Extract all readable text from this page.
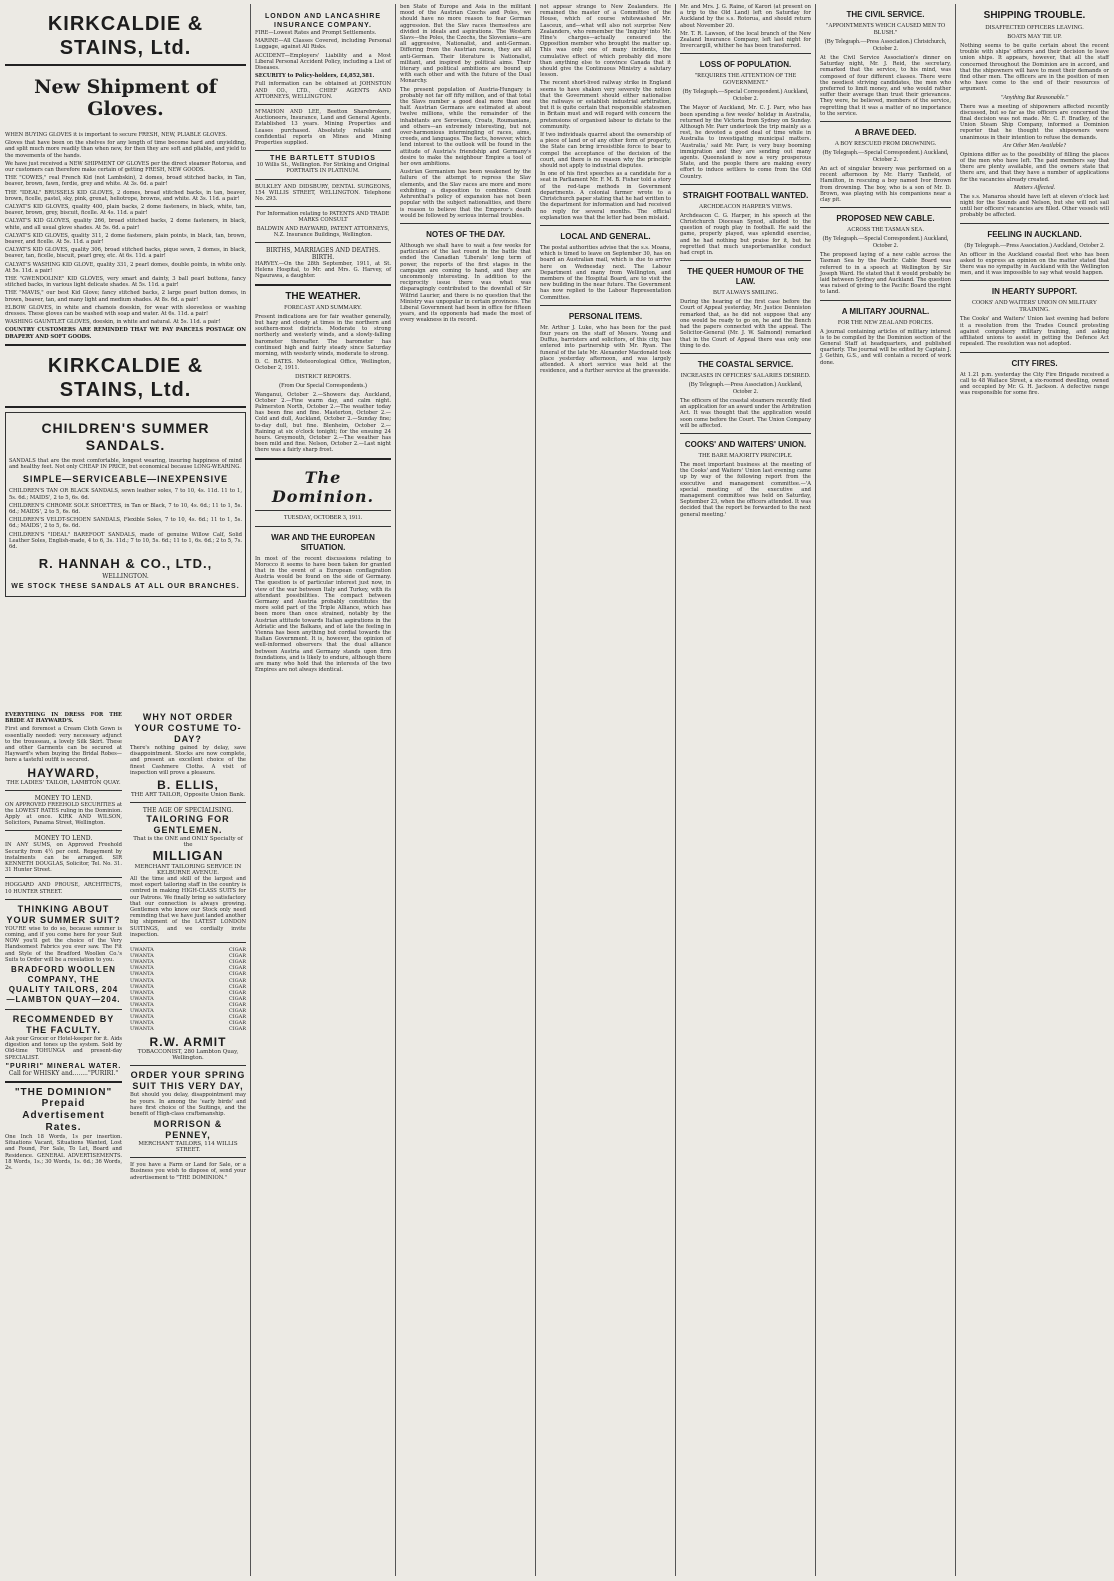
KIRKCALDIE & STAINS, Ltd.
New Shipment of Gloves.

WHEN BUYING GLOVES it is important to secure FRESH, NEW, PLIABLE GLOVES.

Gloves that have been on the shelves for any length of time become hard and unyielding, and split much more readily than when new, for then they are soft and pliable, and yield to the movements of the hands.

We have just received a NEW SHIPMENT OF GLOVES per the direct steamer Rotorua, and our customers can therefore make certain of getting FRESH, NEW GOODS.

THE "COWES," real French Kid (not Lambskin), 2 domes, broad stitched backs, in Tan, beaver, brown, fawn, ferdie, grey and white. At 3s. 6d. a pair!

THE "IDEAL" BRUSSELS KID GLOVES, 2 domes, broad stitched backs, in tan, beaver, brown, ficelle, pastel, sky, pink, grenat, heliotrope, browns, and white. At 3s. 11d. a pair!

CALYAT'S KID GLOVES, quality 400, plain backs, 2 dome fasteners, in black, white, tan, beaver, brown, grey, biscuit, ficelle. At 4s. 11d. a pair!

CALYAT'S KID GLOVES, quality 266, broad stitched backs, 2 dome fasteners, in black, white, and all usual glove shades. At 5s. 6d. a pair!

CALYAT'S KID GLOVES, quality 311, 2 dome fasteners, plain points, in black, tan, brown, beaver, and ficelle. At 5s. 11d. a pair!

CALYAT'S KID GLOVES, quality 306, broad stitched backs, pique sewn, 2 domes, in black, beaver, tan, ficelle, biscuit, pearl grey, etc. At 6s. 11d. a pair!

CALYAT'S WASHING KID GLOVE, quality 331, 2 pearl domes, double points, in white only. At 5s. 11d. a pair!

THE "GWENDOLINE" KID GLOVES, very smart and dainty, 3 ball pearl buttons, fancy stitched backs, in various light delicate shades. At 5s. 11d. a pair!

THE "MAVIS," our best Kid Glove; fancy stitched backs, 2 large pearl button domes, in brown, beaver, tan, and many light and medium shades. At 8s. 6d. a pair!

ELBOW GLOVES, in white and chamois doeskin, for wear with sleeveless or washing dresses. These gloves can be washed with soap and water. At 6s. 11d. a pair!

WASHING GAUNTLET GLOVES, doeskin, in white and natural. At 5s. 11d. a pair!

COUNTRY CUSTOMERS ARE REMINDED THAT WE PAY PARCELS POSTAGE ON DRAPERY AND SOFT GOODS.

KIRKCALDIE & STAINS, Ltd.
CHILDREN'S SUMMER
SANDALS.

SANDALS that are the most comfortable, longest wearing, insuring happiness of mind and healthy feet. Not only CHEAP IN PRICE, but economical because LONG-WEARING.

SIMPLE—SERVICEABLE—INEXPENSIVE

CHILDREN'S TAN OR BLACK SANDALS, sewn leather soles, 7 to 10, 4s. 11d. 11 to 1, 5s. 6d.; MAIDS', 2 to 5, 6s. 6d.

CHILDREN'S CHROME SOLE SHOETTES, in Tan or Black, 7 to 10, 4s. 6d.; 11 to 1, 5s. 6d.; MAIDS', 2 to 5, 6s. 6d.

CHILDREN'S VELDT-SCHOEN SANDALS, Flexible Soles, 7 to 10, 4s. 6d.; 11 to 1, 5s. 6d.; MAIDS', 2 to 5, 6s. 6d.

CHILDREN'S "IDEAL" BAREFOOT SANDALS, made of genuine Willow Calf, Solid Leather Soles, English-made, 4 to 6, 3s. 11d.; 7 to 10, 5s. 6d.; 11 to 1, 6s. 6d.; 2 to 5, 7s. 6d.

R. HANNAH & CO., LTD.,
WELLINGTON.
WE STOCK THESE SANDALS AT ALL OUR BRANCHES.

EVERYTHING IN DRESS FOR THE BRIDE AT HAYWARD'S.

First and foremost a Cream Cloth Gown is essentially needed: very necessary adjunct to the trousseau, a lovely Silk Skirt. These and other Garments can be secured at Hayward's when buying the Bridal Robes—here a tasteful outfit is secured.

HAYWARD,
THE LADIES' TAILOR, LAMBTON QUAY.
MONEY TO LEND.

ON APPROVED FREEHOLD SECURITIES at the LOWEST RATES ruling in the Dominion. Apply at once. KIRK AND WILSON, Solicitors, Panama Street, Wellington.

MONEY TO LEND.

IN ANY SUMS, on Approved Freehold Security from 4½ per cent. Repayment by instalments can be arranged. SIR KENNETH DOUGLAS, Solicitor, Tel. No. 31. 31 Hunter Street.

HOGGARD AND PROUSE, ARCHITECTS, 10 HUNTER STREET.

THINKING ABOUT YOUR SUMMER SUIT?

YOU'RE wise to do so, because summer is coming, and if you come here for your Suit NOW you'll get the choice of the Very Handsomest Fabrics you ever saw. The Fit and Style of the Bradford Woollen Co.'s Suits to Order will be a revelation to you.

BRADFORD WOOLLEN COMPANY, THE QUALITY TAILORS, 204—LAMBTON QUAY—204.
RECOMMENDED BY THE FACULTY.

Ask your Grocer or Hotel-keeper for it. Aids digestion and tones up the system. Sold by Old-time TOHUNGA and present-day SPECIALIST.

"PURIRI" MINERAL WATER.
Call for WHISKY and........"PURIRI."
"THE DOMINION"
Prepaid Advertisement Rates.

One Inch 18 Words, 1s per insertion. Situations Vacant, Situations Wanted, Lost and Found, For Sale, To Let, Board and Residence. GENERAL ADVERTISEMENTS. 18 Words, 1s.; 30 Words, 1s. 6d.; 36 Words, 2s.

WHY NOT ORDER YOUR COSTUME TO-DAY?

There's nothing gained by delay, save disappointment. Stocks are now complete, and present an excellent choice of the finest Cashmere Cloths. A visit of inspection will prove a pleasure.

B. ELLIS,
THE ART TAILOR, Opposite Union Bank.
THE AGE OF SPECIALISING.
TAILORING FOR GENTLEMEN.
That is the ONE and ONLY Specialty of the
MILLIGAN
MERCHANT TAILORING SERVICE IN KELBURNE AVENUE.

All the time and skill of the largest and most expert tailoring staff in the country is centred in making HIGH-CLASS SUITS for our Patrons. We finally bring so satisfactory that our connection is always growing. Gentlemen who know our Stock only need reminding that we have just landed another big shipment of the LATEST LONDON SUITINGS, and we cordially invite inspection.

UWANTA	CIGAR
UWANTA	CIGAR
UWANTA	CIGAR
UWANTA	CIGAR
UWANTA	CIGAR
UWANTA	CIGAR
UWANTA	CIGAR
UWANTA	CIGAR
UWANTA	CIGAR
UWANTA	CIGAR
UWANTA	CIGAR
UWANTA	CIGAR
UWANTA	CIGAR
UWANTA	CIGAR
R.W. ARMIT
TOBACCONIST, 280 Lambton Quay, Wellington.
ORDER YOUR SPRING SUIT THIS VERY DAY,

But should you delay, disappointment may be yours. In among the 'early birds' and have first choice of the Suitings, and the benefit of High-class craftsmanship.

MORRISON & PENNEY,
MERCHANT TAILORS, 114 WILLIS STREET.

If you have a Farm or Land for Sale, or a Business you wish to dispose of, send your advertisement to "THE DOMINION."

LONDON AND LANCASHIRE INSURANCE COMPANY.

FIRE—Lowest Rates and Prompt Settlements.

MARINE—All Classes Covered, including Personal Luggage, against All Risks.

ACCIDENT—Employers' Liability and a Most Liberal Personal Accident Policy, including a List of Diseases.

SECURITY to Policy-holders, £4,852,381.

Full information can be obtained at JOHNSTON AND CO., LTD., CHIEF AGENTS AND ATTORNEYS, WELLINGTON.

M'MAHON AND LEE, Beetton Sharebrokers, Auctioneers, Insurance, Land and General Agents. Established 13 years. Mining Properties and Leases purchased. Absolutely reliable and confidential reports on Mines and Mining Properties supplied.

THE BARTLETT STUDIOS

10 Willis St., Wellington. For Striking and Original PORTRAITS IN PLATINUM.

BULKLEY AND DIDSBURY, DENTAL SURGEONS, 154 WILLIS STREET, WELLINGTON. Telephone No. 293.

For Information relating to PATENTS AND TRADE MARKS CONSULT

BALDWIN AND RAYWARD, PATENT ATTORNEYS, N.Z. Insurance Buildings, Wellington.

BIRTHS, MARRIAGES AND DEATHS.
BIRTH.

HARVEY.—On the 28th September, 1911, at St. Helens Hospital, to Mr. and Mrs. G. Harvey, of Ngaurawa, a daughter.

THE WEATHER.
FORECAST AND SUMMARY.

Present indications are for fair weather generally, but hazy and cloudy at times in the northern and southern-most districts. Moderate to strong northerly and westerly winds, and a slowly-falling barometer thereafter. The barometer has continued high and fairly steady since Saturday morning, with westerly winds, moderate to strong.

D. C. BATES. Meteorological Office, Wellington, October 2, 1911.

DISTRICT REPORTS.
(From Our Special Correspondents.)

Wanganui, October 2.—Showers day. Auckland, October 2.—Fine warm day, and calm night. Palmerston North, October 2.—The weather today has been fine and fine. Masterton, October 2.—Cold and dull, Auckland, October 2.—Sunday fine; to-day dull, but fine. Blenheim, October 2.—Raining at six o'clock tonight; for the ensuing 24 hours. Greymouth, October 2.—The weather has been mild and fine. Nelson, October 2.—Last night there was a fairly sharp frost.

The Dominion.
TUESDAY, OCTOBER 3, 1911.
WAR AND THE EUROPEAN SITUATION.

In most of the recent discussions relating to Morocco it seems to have been taken for granted that in the event of a European conflagration Austria would be found on the side of Germany. The question is of particular interest just now, in view of the war between Italy and Turkey, with its attendant possibilities. The compact between Germany and Austria probably constitutes the more solid part of the Triple Alliance, which has been more than once strained, notably by the Austrian attitude towards Italian aspirations in the Adriatic and the Balkans, and of late the feeling in Vienna has been anything but cordial towards the Italian Government. It is, however, the opinion of well-informed observers that the dual alliance between Austria and Germany stands upon firm foundations, and is likely to endure, although there are many who hold that the interests of the two Empires are not always identical.

ben State of Europe and Asia in the militant mood of the Austrian Czechs and Poles, we should have no more reason to fear German aggression. But the Slav races themselves are divided in ideals and aspirations. The Western Slavs—the Poles, the Czechs, the Slovenians—are all aggressive, Nationalist, and anti-German. Differing from the Austrian races, they are all anti-German. Their literature is Nationalist, militant, and inspired by political aims. Their literary and political ambitions are bound up with each other and with the future of the Dual Monarchy.

The present population of Austria-Hungary is probably not far off fifty million, and of that total the Slavs number a good deal more than one half. Austrian Germans are estimated at about twelve millions, while the remainder of the inhabitants are Serovians, Croats, Roumanians, and others—an extremely interesting, but not over-harmonious intermingling of races, aims, creeds, and languages. The facts, however, which lend interest to the outlook will be found in the attitude of Austria's friendship and Germany's desire to make the neighbour Empire a tool of her own ambitions.

Austrian Germanism has been weakened by the failure of the attempt to repress the Slav elements, and the Slav races are more and more exhibiting a disposition to combine. Count Aehrenthal's policy of expansion has not been popular with the subject nationalities, and there is reason to believe that the Emperor's death would be followed by serious internal troubles.

NOTES OF THE DAY.

Although we shall have to wait a few weeks for particulars of the last round in the battle that ended the Canadian 'Liberals' long term of power, the reports of the first stages in the campaign are coming to hand, and they are uncommonly interesting. In addition to the reciprocity issue there was what was disparagingly contributed to the downfall of Sir Wilfrid Laurier, and there is no question that the Ministry was unpopular in certain provinces. The Liberal Government had been in office for fifteen years, and its opponents had made the most of every weakness in its record.

not appear strange to New Zealanders. He remained the master of a Committee of the House, which of course whitewashed Mr. Lasceux, and—what will also not surprise New Zealanders, who remember the 'Inquiry' into Mr. Hine's charges—actually censured the Opposition member who brought the matter up. This was only one of many incidents, the cumulative effect of which probably did more than anything else to convince Canada that it should give the Continuous Ministry a salutary lesson.

The recent short-lived railway strike in England seems to have shaken very severely the notion that the Government should either nationalise the railways or establish industrial arbitration, but it is quite certain that responsible statesmen in Britain must and will regard with concern the pretensions of organised labour to dictate to the community.

If two individuals quarrel about the ownership of a piece of land or of any other form of property, the State can bring irresistible force to bear to compel the acceptance of the decision of the court, and there is no reason why the principle should not apply to industrial disputes.

In one of his first speeches as a candidate for a seat in Parliament Mr. F. M. B. Fisher told a story of the red-tape methods in Government departments. A colonial farmer wrote to a Christchurch paper stating that he had written to the department for information and had received no reply for several months. The official explanation was that the letter had been mislaid.

LOCAL AND GENERAL.

The postal authorities advise that the s.s. Moana, which is timed to leave on September 30, has on board an Australian mail, which is due to arrive here on Wednesday next. The Labour Department and many from Wellington, and members of the Hospital Board, are to visit the new building in the near future. The Government has now replied to the Labour Representation Committee.

PERSONAL ITEMS.

Mr. Arthur J. Luke, who has been for the past four years on the staff of Messrs. Young and Duffus, barristers and solicitors, of this city, has entered into partnership with Mr. Ryan. The funeral of the late Mr. Alexander Macdonald took place yesterday afternoon, and was largely attended. A short service was held at the residence, and a further service at the graveside.

Mr. and Mrs. J. G. Raine, of Karori (at present on a trip to the Old Land) left on Saturday for Auckland by the s.s. Rotorua, and should return about November 20.

Mr. T. R. Lawson, of the local branch of the New Zealand Insurance Company, left last night for Invercargill, whither he has been transferred.

LOSS OF POPULATION.
"REQUIRES THE ATTENTION OF THE GOVERNMENT."
(By Telegraph.—Special Correspondent.) Auckland, October 2.

The Mayor of Auckland, Mr. C. J. Parr, who has been spending a few weeks' holiday in Australia, returned by the Victoria from Sydney on Sunday. Although Mr. Parr undertook the trip mainly as a rest, he devoted a good deal of time while in Australia to investigating municipal matters. 'Australia,' said Mr. Parr, is very busy booming immigration and they are sending out many agents. Queensland is now a very prosperous State, and the people there are making every effort to induce settlers to come from the Old Country.

STRAIGHT FOOTBALL WANTED.
ARCHDEACON HARPER'S VIEWS.

Archdeacon C. G. Harper, in his speech at the Christchurch Diocesan Synod, alluded to the question of rough play in football. He said the game, properly played, was splendid exercise, and he had nothing but praise for it, but he regretted that much unsportsmanlike conduct had crept in.

THE QUEER HUMOUR OF THE LAW.
BUT ALWAYS SMILING.

During the hearing of the first case before the Court of Appeal yesterday, Mr. Justice Denniston remarked that, as he did not suppose that any one would be ready to go on, he and the Bench had the papers connected with the appeal. The Solicitor-General (Mr. J. W. Salmond) remarked that in the Court of Appeal there was only one thing to do.

THE COASTAL SERVICE.
INCREASES IN OFFICERS' SALARIES DESIRED.
(By Telegraph.—Press Association.) Auckland, October 2.

The officers of the coastal steamers recently filed an application for an award under the Arbitration Act. It was thought that the application would soon come before the Court. The Union Company will be affected.

COOKS' AND WAITERS' UNION.
THE BARE MAJORITY PRINCIPLE.

The most important business at the meeting of the Cooks' and Waiters' Union last evening came up by way of the following report from the executive and management committee.—'A special meeting of the executive and management committee was held on Saturday, September 23, when the officers attended. It was decided that the report be forwarded to the next general meeting.'

THE CIVIL SERVICE.
"APPOINTMENTS WHICH CAUSED MEN TO BLUSH."
(By Telegraph.—Press Association.) Christchurch, October 2.

At the Civil Service Association's dinner on Saturday night, Mr. J. Reid, the secretary, remarked that the service, to his mind, was composed of four different classes. There were the neediest striving candidates, the men who preferred to limit money, and who would rather suffer their average than trust their grievances. They were, he believed, members of the service, regretting that it was a matter of no importance to the service.

A BRAVE DEED.
A BOY RESCUED FROM DROWNING.
(By Telegraph.—Special Correspondent.) Auckland, October 2.

An act of singular bravery was performed on a recent afternoon by Mr. Harry Tanfield, of Hamilton, in rescuing a boy named Ivor Brown from drowning. The boy, who is a son of Mr. D. Brown, was playing with his companions near a clay pit.

PROPOSED NEW CABLE.
ACROSS THE TASMAN SEA.
(By Telegraph.—Special Correspondent.) Auckland, October 2.

The proposed laying of a new cable across the Tasman Sea by the Pacific Cable Board was referred to in a speech at Wellington by Sir Joseph Ward. He stated that it would probably be laid between Sydney and Auckland. The question was raised of giving to the Pacific Board the right to land.

A MILITARY JOURNAL.
FOR THE NEW ZEALAND FORCES.

A journal containing articles of military interest is to be compiled by the Dominion section of the General Staff at headquarters, and published quarterly. The journal will be edited by Captain J. J. Gethin, G.S., and will contain a record of work done.

SHIPPING TROUBLE.
DISAFFECTED OFFICERS LEAVING.
BOATS MAY TIE UP.

Nothing seems to be quite certain about the recent trouble with ships' officers and their decision to leave union ships. It appears, however, that all the staff concerned throughout the Dominion are in accord, and that the shipowners will have to meet their demands or find other men. The officers are in the position of men who have come to the end of their resources of argument.

"Anything But Reasonable."

There was a meeting of shipowners affected recently discussed, but so far as the officers are concerned the final decision was not made. Mr. C. F. Bradley, of the Union Steam Ship Company, informed a Dominion reporter that he thought the shipowners were unanimous in their intention to refuse the demands.

Are Other Men Available?

Opinions differ as to the possibility of filling the places of the men who have left. The paid members say that there are plenty available, and the owners state that there are, and that they have a number of applications for the vacancies already created.

Matters Affected.

The s.s. Manaroa should have left at eleven o'clock last night for the Sounds and Nelson, but she will not sail until her officers' vacancies are filled. Other vessels will probably be affected.

FEELING IN AUCKLAND.
(By Telegraph.—Press Association.) Auckland, October 2.

An officer in the Auckland coastal fleet who has been asked to express an opinion on the matter stated that there was no sympathy in Auckland with the Wellington men, and it was impossible to say what would happen.

IN HEARTY SUPPORT.
COOKS' AND WAITERS' UNION ON MILITARY TRAINING.

The Cooks' and Waiters' Union last evening had before it a resolution from the Trades Council protesting against compulsory military training, and asking affiliated unions to assist in getting the Defence Act repealed. The resolution was not adopted.

CITY FIRES.

At 1.21 p.m. yesterday the City Fire Brigade received a call to 48 Wallace Street, a six-roomed dwelling, owned and occupied by Mr. G. H. Jackson. A defective range was responsible for some fire.
